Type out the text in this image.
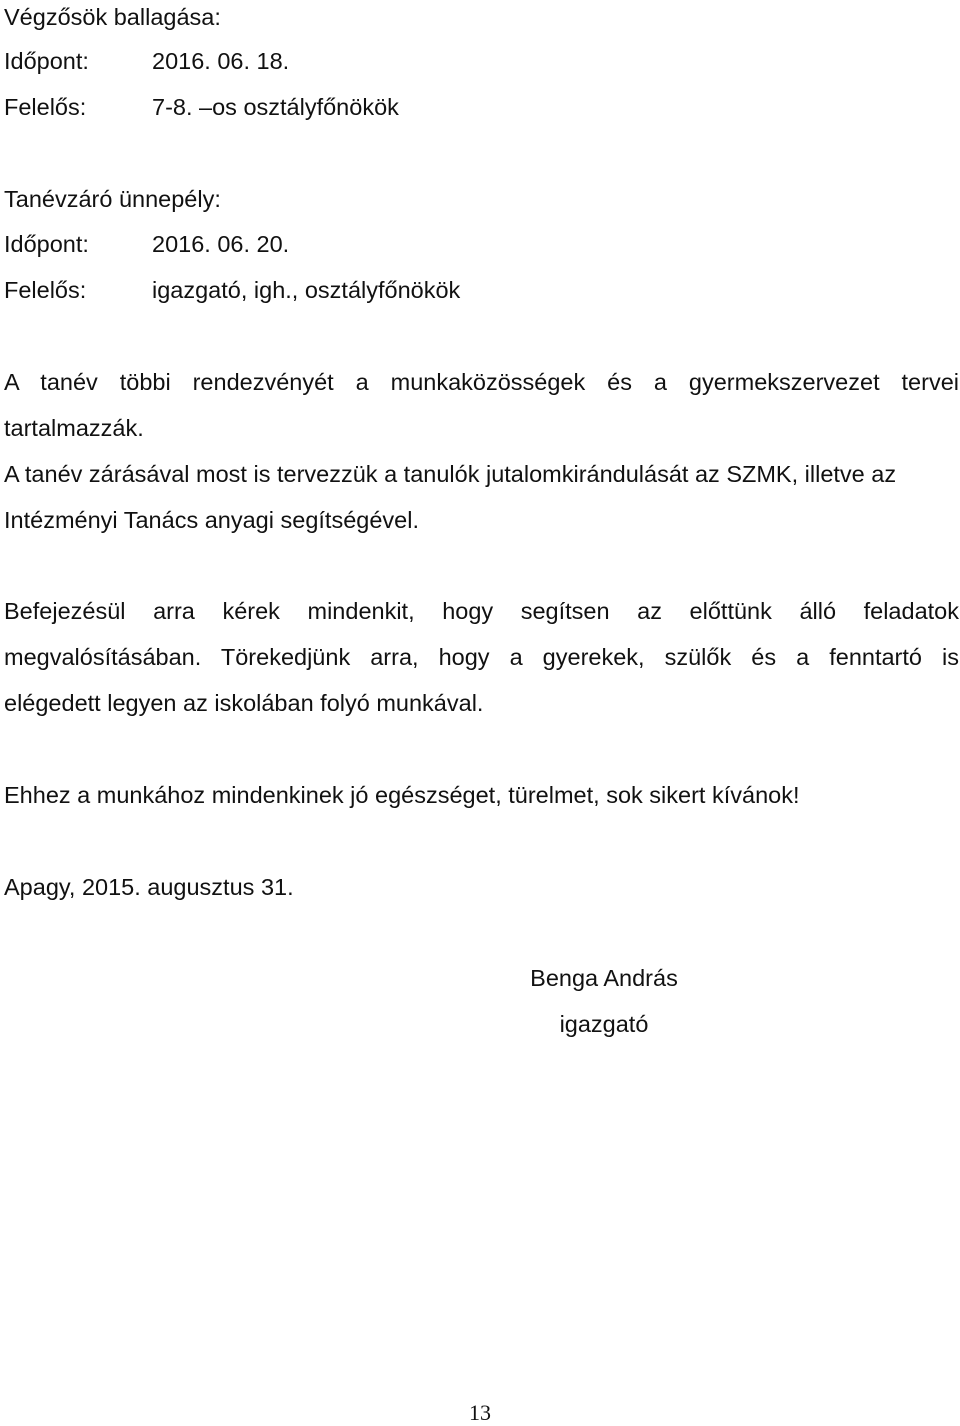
Végzősök ballagása:
Időpont:	2016. 06. 18.
Felelős:	7-8. –os osztályfőnökök
Tanévzáró ünnepély:
Időpont:	2016. 06. 20.
Felelős:	igazgató, igh., osztályfőnökök
A tanév többi rendezvényét a munkaközösségek és a gyermekszervezet tervei
tartalmazzák.
A tanév zárásával most is tervezzük a tanulók jutalomkirándulását az SZMK, illetve az
Intézményi Tanács anyagi segítségével.
Befejezésül arra kérek mindenkit, hogy segítsen az előttünk álló feladatok
megvalósításában. Törekedjünk arra, hogy a gyerekek, szülők és a fenntartó is
elégedett legyen az iskolában folyó munkával.
Ehhez a munkához mindenkinek jó egészséget, türelmet, sok sikert kívánok!
Apagy, 2015. augusztus 31.
Benga András
igazgató
13
